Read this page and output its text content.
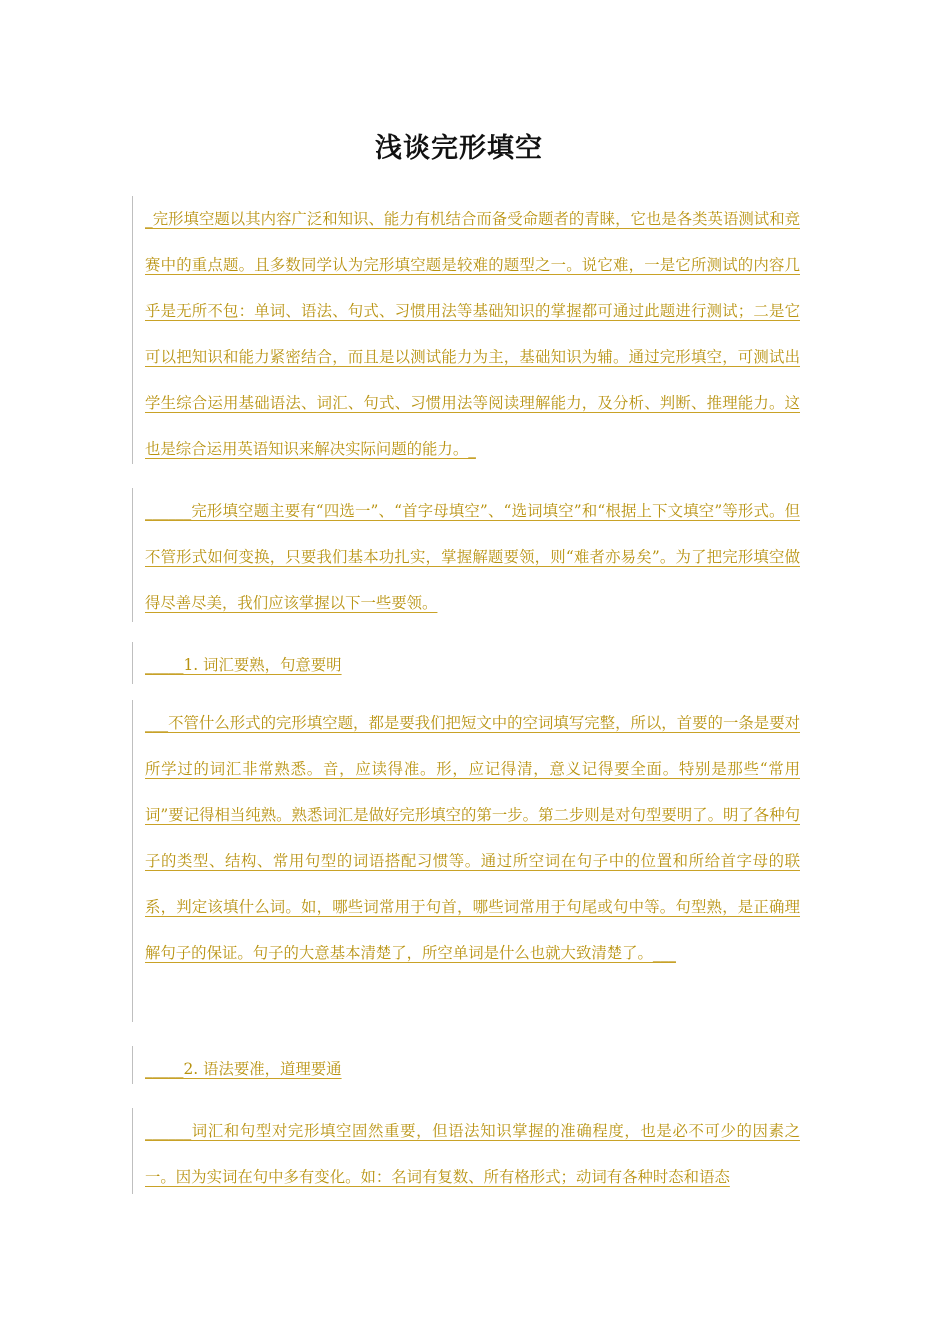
浅谈完形填空

_完形填空题以其内容广泛和知识、能力有机结合而备受命题者的青睐，它也是各类英语测试和竞赛中的重点题。且多数同学认为完形填空题是较难的题型之一。说它难，一是它所测试的内容几乎是无所不包：单词、语法、句式、习惯用法等基础知识的掌握都可通过此题进行测试；二是它可以把知识和能力紧密结合，而且是以测试能力为主，基础知识为辅。通过完形填空，可测试出学生综合运用基础语法、词汇、句式、习惯用法等阅读理解能力，及分析、判断、推理能力。这也是综合运用英语知识来解决实际问题的能力。_

______完形填空题主要有“四选一”、“首字母填空”、“选词填空”和“根据上下文填空”等形式。但不管形式如何变换，只要我们基本功扎实，掌握解题要领，则“难者亦易矣”。为了把完形填空做得尽善尽美，我们应该掌握以下一些要领。

_____1. 词汇要熟，句意要明

___不管什么形式的完形填空题，都是要我们把短文中的空词填写完整，所以，首要的一条是要对所学过的词汇非常熟悉。音，应读得准。形，应记得清，意义记得要全面。特别是那些“常用词”要记得相当纯熟。熟悉词汇是做好完形填空的第一步。第二步则是对句型要明了。明了各种句子的类型、结构、常用句型的词语搭配习惯等。通过所空词在句子中的位置和所给首字母的联系，判定该填什么词。如，哪些词常用于句首，哪些词常用于句尾或句中等。句型熟，是正确理解句子的保证。句子的大意基本清楚了，所空单词是什么也就大致清楚了。___

_____2. 语法要准，道理要通

______词汇和句型对完形填空固然重要，但语法知识掌握的准确程度，也是必不可少的因素之一。因为实词在句中多有变化。如：名词有复数、所有格形式；动词有各种时态和语态
